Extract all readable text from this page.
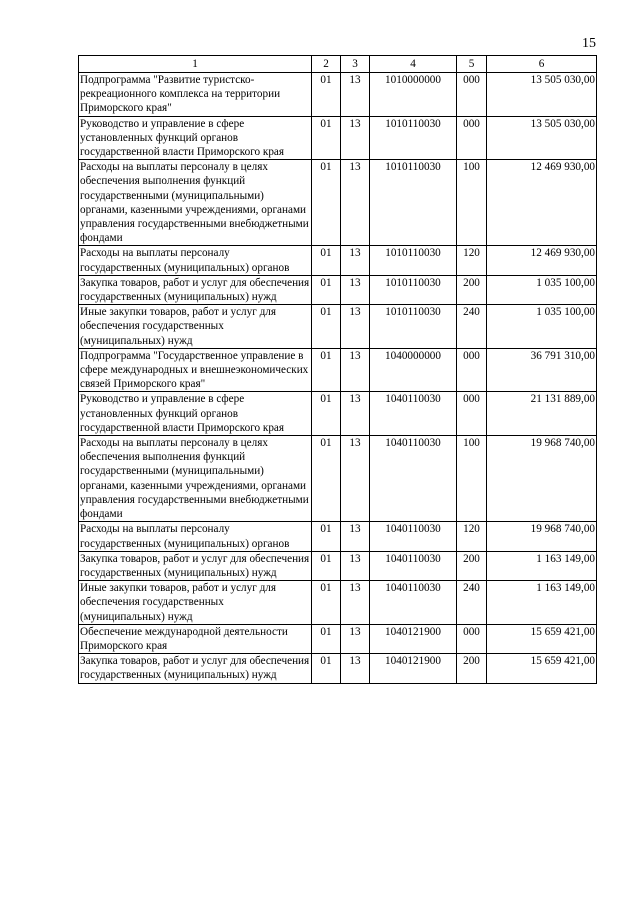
15
1	2	3	4	5	6
Подпрограмма "Развитие туристско-рекреационного комплекса на территории Приморского края"	01	13	1010000000	000	13 505 030,00
Руководство и управление в сфере установленных функций органов государственной власти Приморского края	01	13	1010110030	000	13 505 030,00
Расходы на выплаты персоналу в целях обеспечения выполнения функций государственными (муниципальными) органами, казенными учреждениями, органами управления государственными внебюджетными фондами	01	13	1010110030	100	12 469 930,00
Расходы на выплаты персоналу государственных (муниципальных) органов	01	13	1010110030	120	12 469 930,00
Закупка товаров, работ и услуг для обеспечения государственных (муниципальных) нужд	01	13	1010110030	200	1 035 100,00
Иные закупки товаров, работ и услуг для обеспечения государственных (муниципальных) нужд	01	13	1010110030	240	1 035 100,00
Подпрограмма "Государственное управление в сфере международных и внешнеэкономических связей Приморского края"	01	13	1040000000	000	36 791 310,00
Руководство и управление в сфере установленных функций органов государственной власти Приморского края	01	13	1040110030	000	21 131 889,00
Расходы на выплаты персоналу в целях обеспечения выполнения функций государственными (муниципальными) органами, казенными учреждениями, органами управления государственными внебюджетными фондами	01	13	1040110030	100	19 968 740,00
Расходы на выплаты персоналу государственных (муниципальных) органов	01	13	1040110030	120	19 968 740,00
Закупка товаров, работ и услуг для обеспечения государственных (муниципальных) нужд	01	13	1040110030	200	1 163 149,00
Иные закупки товаров, работ и услуг для обеспечения государственных (муниципальных) нужд	01	13	1040110030	240	1 163 149,00
Обеспечение международной деятельности Приморского края	01	13	1040121900	000	15 659 421,00
Закупка товаров, работ и услуг для обеспечения государственных (муниципальных) нужд	01	13	1040121900	200	15 659 421,00
